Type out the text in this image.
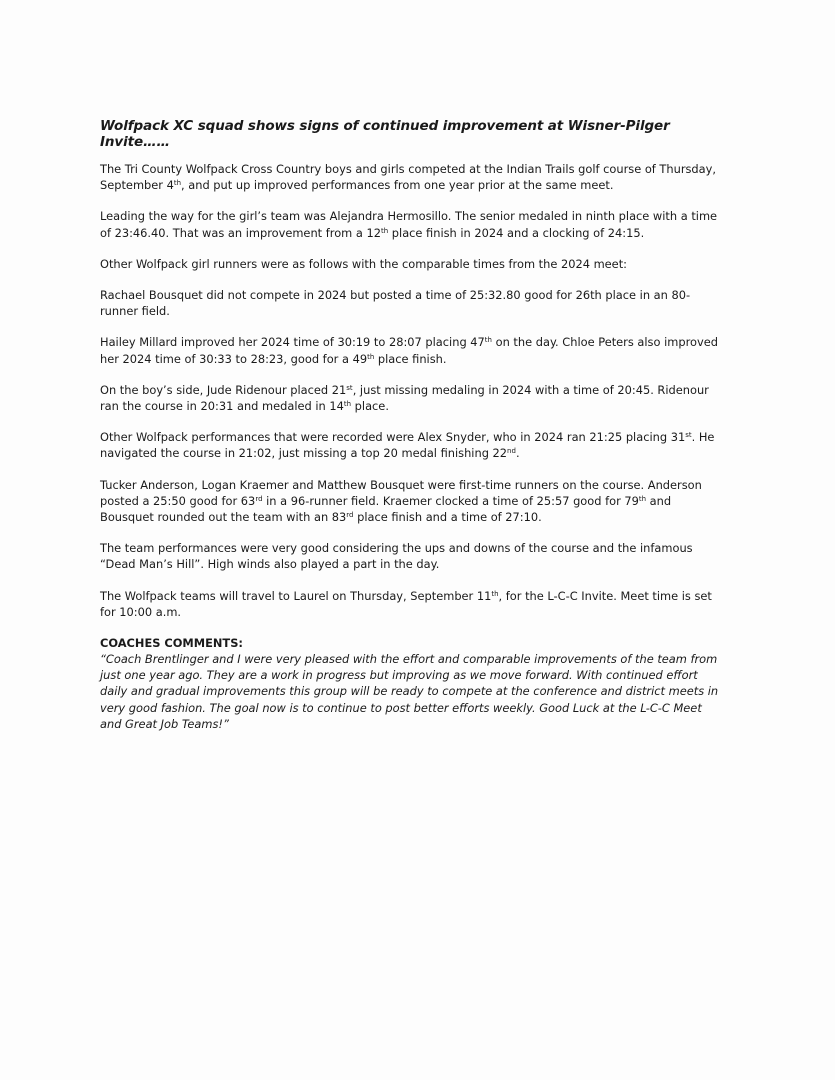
Wolfpack XC squad shows signs of continued improvement at Wisner-Pilger Invite……

The Tri County Wolfpack Cross Country boys and girls competed at the Indian Trails golf course of Thursday, September 4th, and put up improved performances from one year prior at the same meet.

Leading the way for the girl’s team was Alejandra Hermosillo. The senior medaled in ninth place with a time of 23:46.40. That was an improvement from a 12th place finish in 2024 and a clocking of 24:15.

Other Wolfpack girl runners were as follows with the comparable times from the 2024 meet:

Rachael Bousquet did not compete in 2024 but posted a time of 25:32.80 good for 26th place in an 80-runner field.

Hailey Millard improved her 2024 time of 30:19 to 28:07 placing 47th on the day. Chloe Peters also improved her 2024 time of 30:33 to 28:23, good for a 49th place finish.

On the boy’s side, Jude Ridenour placed 21st, just missing medaling in 2024 with a time of 20:45. Ridenour ran the course in 20:31 and medaled in 14th place.

Other Wolfpack performances that were recorded were Alex Snyder, who in 2024 ran 21:25 placing 31st. He navigated the course in 21:02, just missing a top 20 medal finishing 22nd.

Tucker Anderson, Logan Kraemer and Matthew Bousquet were first-time runners on the course. Anderson posted a 25:50 good for 63rd in a 96-runner field. Kraemer clocked a time of 25:57 good for 79th and Bousquet rounded out the team with an 83rd place finish and a time of 27:10.

The team performances were very good considering the ups and downs of the course and the infamous “Dead Man’s Hill”. High winds also played a part in the day.

The Wolfpack teams will travel to Laurel on Thursday, September 11th, for the L-C-C Invite. Meet time is set for 10:00 a.m.

COACHES COMMENTS:

“Coach Brentlinger and I were very pleased with the effort and comparable improvements of the team from just one year ago. They are a work in progress but improving as we move forward. With continued effort daily and gradual improvements this group will be ready to compete at the conference and district meets in very good fashion. The goal now is to continue to post better efforts weekly. Good Luck at the L-C-C Meet and Great Job Teams!”
